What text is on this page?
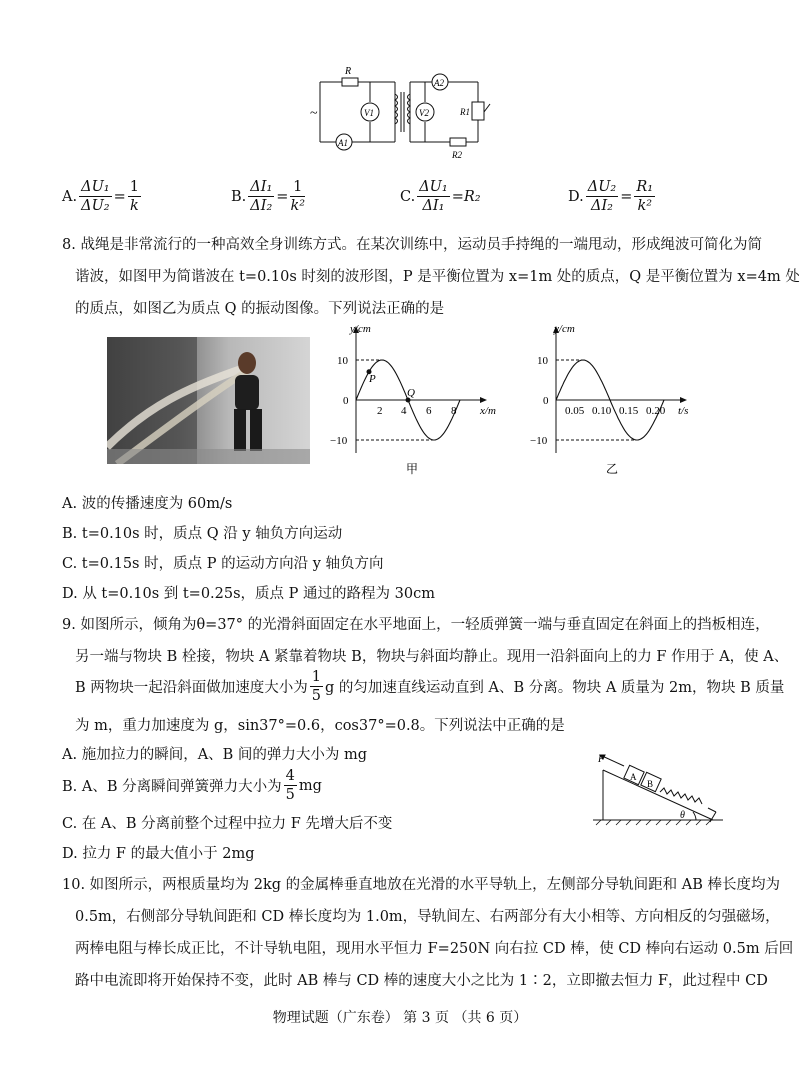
R
~	V1
A1
V2
A2
R1
R2
A. $\frac{\text{ΔU₁}}{\text{ΔU₂}} = \frac{1}{k}$	B. $\frac{\text{ΔI₁}}{\text{ΔI₂}} = \frac{1}{\text{k²}}$	C. $\frac{\text{ΔU₁}}{\text{ΔI₁}} = R_2$	D. $\frac{\text{ΔU₂}}{\text{ΔI₂}} = \frac{\text{R₁}}{\text{k²}}$
8. 战绳是非常流行的一种高效全身训练方式。在某次训练中，运动员手持绳的一端甩动，形成绳波可简化为简
谐波，如图甲为简谐波在 t=0.10s 时刻的波形图，P 是平衡位置为 x=1m 处的质点，Q 是平衡位置为 x=4m 处
的质点，如图乙为质点 Q 的振动图像。下列说法正确的是
y/cm
x/m
10
0
−10
2 4 6 8
P
Q
甲
y/cm
t/s
10
0
−10
0.05 0.10 0.15 0.20
乙
A. 波的传播速度为 60m/s
B. t=0.10s 时，质点 Q 沿 y 轴负方向运动
C. t=0.15s 时，质点 P 的运动方向沿 y 轴负方向
D. 从 t=0.10s 到 t=0.25s，质点 P 通过的路程为 30cm
9. 如图所示，倾角为θ=37° 的光滑斜面固定在水平地面上，一轻质弹簧一端与垂直固定在斜面上的挡板相连，
另一端与物块 B 栓接，物块 A 紧靠着物块 B，物块与斜面均静止。现用一沿斜面向上的力 F 作用于 A，使 A、
B 两物块一起沿斜面做加速度大小为 $\frac{1}{5}$ g 的匀加速直线运动直到 A、B 分离。物块 A 质量为 2m，物块 B 质量
为 m，重力加速度为 g，sin37°=0.6，cos37°=0.8。下列说法中正确的是
A. 施加拉力的瞬间，A、B 间的弹力大小为 mg
B. A、B 分离瞬间弹簧弹力大小为 $\frac{4}{5}$ mg
C. 在 A、B 分离前整个过程中拉力 F 先增大后不变
D. 拉力 F 的最大值小于 2mg
F
A
B
θ
10. 如图所示，两根质量均为 2kg 的金属棒垂直地放在光滑的水平导轨上，左侧部分导轨间距和 AB 棒长度均为
0.5m，右侧部分导轨间距和 CD 棒长度均为 1.0m，导轨间左、右两部分有大小相等、方向相反的匀强磁场，
两棒电阻与棒长成正比，不计导轨电阻，现用水平恒力 F=250N 向右拉 CD 棒，使 CD 棒向右运动 0.5m 后回
路中电流即将开始保持不变，此时 AB 棒与 CD 棒的速度大小之比为 1∶2，立即撤去恒力 F，此过程中 CD
物理试题（广东卷） 第 3 页 （共 6 页）
